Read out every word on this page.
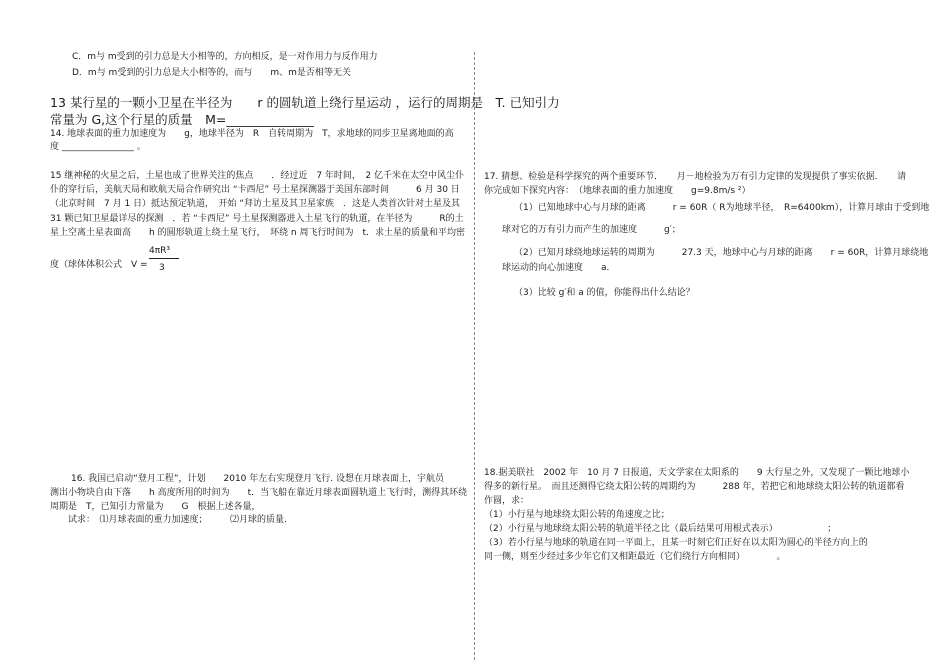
C．m与 m受到的引力总是大小相等的，方向相反，是一对作用力与反作用力
D．m与 m受到的引力总是大小相等的，而与　　m、m是否相等无关
13 某行星的一颗小卫星在半径为　　r 的圆轨道上绕行星运动 ，运行的周期是　T. 已知引力
常量为 G,这个行星的质量　M=______________
14. 地球表面的重力加速度为　　g，地球半径为　R　自转周期为　T，求地球的同步卫星离地面的高
度 ________________ 。
15 继神秘的火星之后，土星也成了世界关注的焦点　　．经过近　7 年时间，　2 亿千米在太空中风尘仆
仆的穿行后，美航天局和欧航天局合作研究出 “卡西尼” 号土星探测器于美国东部时间　　　6 月 30 日
（北京时间　7 月 1 日）抵达预定轨道，　开始 “拜访土星及其卫星家族　．这是人类首次针对土星及其
31 颗已知卫星最详尽的探测　．若 “卡西尼” 号土星探测器进入土星飞行的轨道，在半径为　　　R的土
星上空离土星表面高　　h 的圆形轨道上绕土星飞行，　环绕 n 周飞行时间为　t．求土星的质量和平均密
度（球体体积公式　V =
4πR³
3
16. 我国已启动“登月工程”，计划　　2010 年左右实现登月飞行. 设想在月球表面上，宇航员
测出小物块自由下落　　h 高度所用的时间为　　t．当飞船在靠近月球表面圆轨道上飞行时，测得其环绕
周期是　T，已知引力常量为　　G　根据上述各量，
　　试求：　⑴月球表面的重力加速度；　　　⑵月球的质量.
17. 猜想、检验是科学探究的两个重要环节．　　月－地检验为万有引力定律的发现提供了事实依据．　　请
你完成如下探究内容：　（地球表面的重力加速度　　g=9.8m/s ²）
（1）已知地球中心与月球的距离　　　r = 60R（ R为地球半径，　R=6400km），计算月球由于受到地
球对它的万有引力而产生的加速度　　　g′；
（2）已知月球绕地球运转的周期为　　　27.3 天，地球中心与月球的距离　　r = 60R，计算月球绕地
球运动的向心加速度　　a．
（3）比较 g′和 a 的值，你能得出什么结论？
18.据美联社　2002 年　10 月 7 日报道，天文学家在太阳系的　　9 大行星之外，又发现了一颗比地球小
得多的新行星。　而且还测得它绕太阳公转的周期约为　　　288 年，若把它和地球绕太阳公转的轨道都看
作圆，求：
（1）小行星与地球绕太阳公转的角速度之比；
（2）小行星与地球绕太阳公转的轨道半径之比（最后结果可用根式表示）　　　　　　；
（3）若小行星与地球的轨道在同一平面上，且某一时刻它们正好在以太阳为圆心的半径方向上的
同一侧，则至少经过多少年它们又相距最近（它们绕行方向相同）　　　　。
